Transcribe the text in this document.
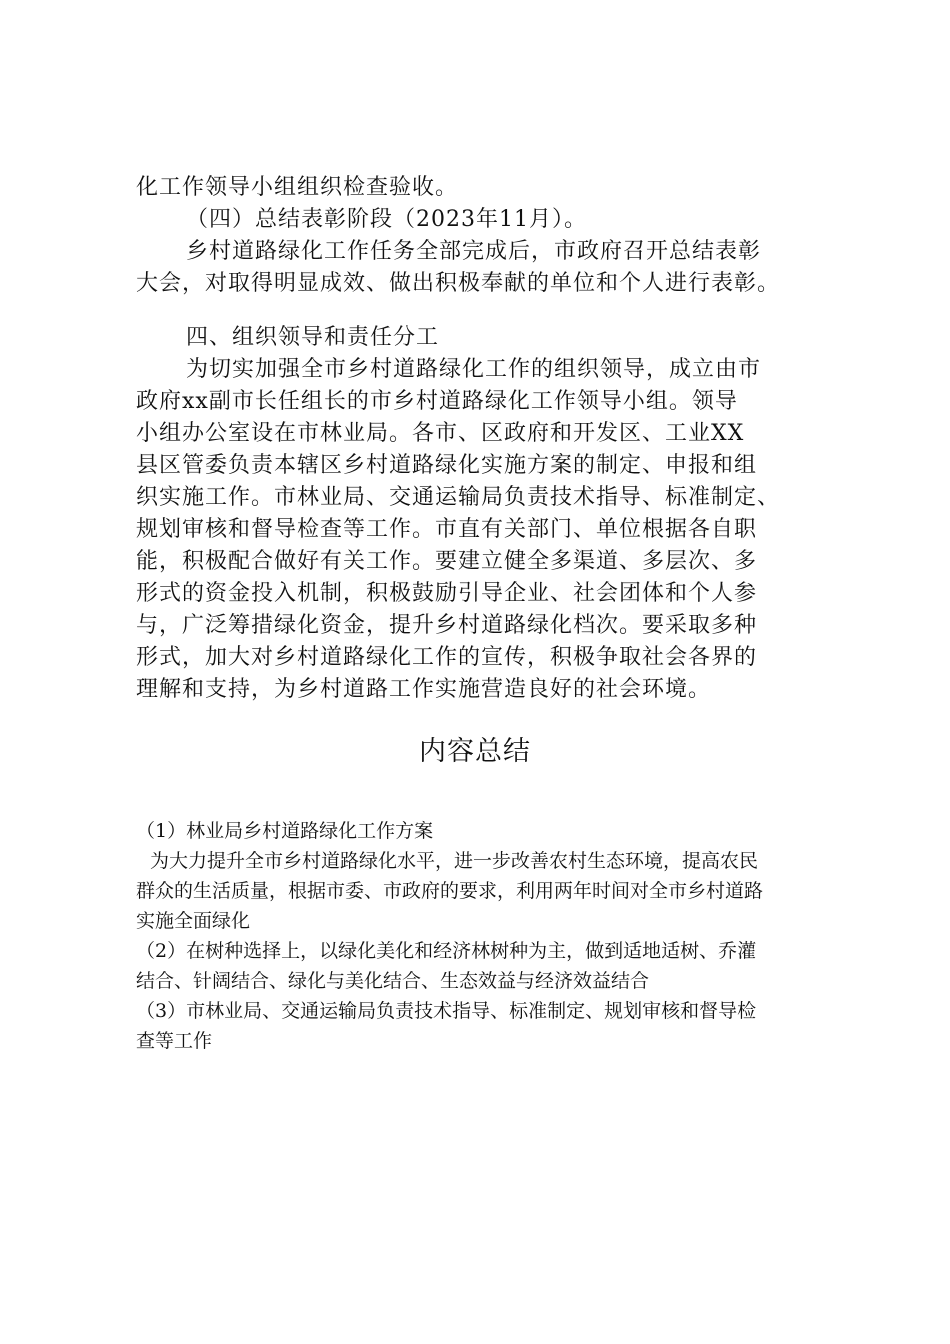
化工作领导小组组织检查验收。

（四）总结表彰阶段（2023年11月）。

乡村道路绿化工作任务全部完成后，市政府召开总结表彰

大会，对取得明显成效、做出积极奉献的单位和个人进行表彰。

四、组织领导和责任分工

为切实加强全市乡村道路绿化工作的组织领导，成立由市

政府xx副市长任组长的市乡村道路绿化工作领导小组。领导

小组办公室设在市林业局。各市、区政府和开发区、工业XX

县区管委负责本辖区乡村道路绿化实施方案的制定、申报和组

织实施工作。市林业局、交通运输局负责技术指导、标准制定、

规划审核和督导检查等工作。市直有关部门、单位根据各自职

能，积极配合做好有关工作。要建立健全多渠道、多层次、多

形式的资金投入机制，积极鼓励引导企业、社会团体和个人参

与，广泛筹措绿化资金，提升乡村道路绿化档次。要采取多种

形式，加大对乡村道路绿化工作的宣传，积极争取社会各界的

理解和支持，为乡村道路工作实施营造良好的社会环境。

内容总结

（1）林业局乡村道路绿化工作方案

为大力提升全市乡村道路绿化水平，进一步改善农村生态环境，提高农民

群众的生活质量，根据市委、市政府的要求，利用两年时间对全市乡村道路

实施全面绿化

（2）在树种选择上，以绿化美化和经济林树种为主，做到适地适树、乔灌

结合、针阔结合、绿化与美化结合、生态效益与经济效益结合

（3）市林业局、交通运输局负责技术指导、标准制定、规划审核和督导检

查等工作
